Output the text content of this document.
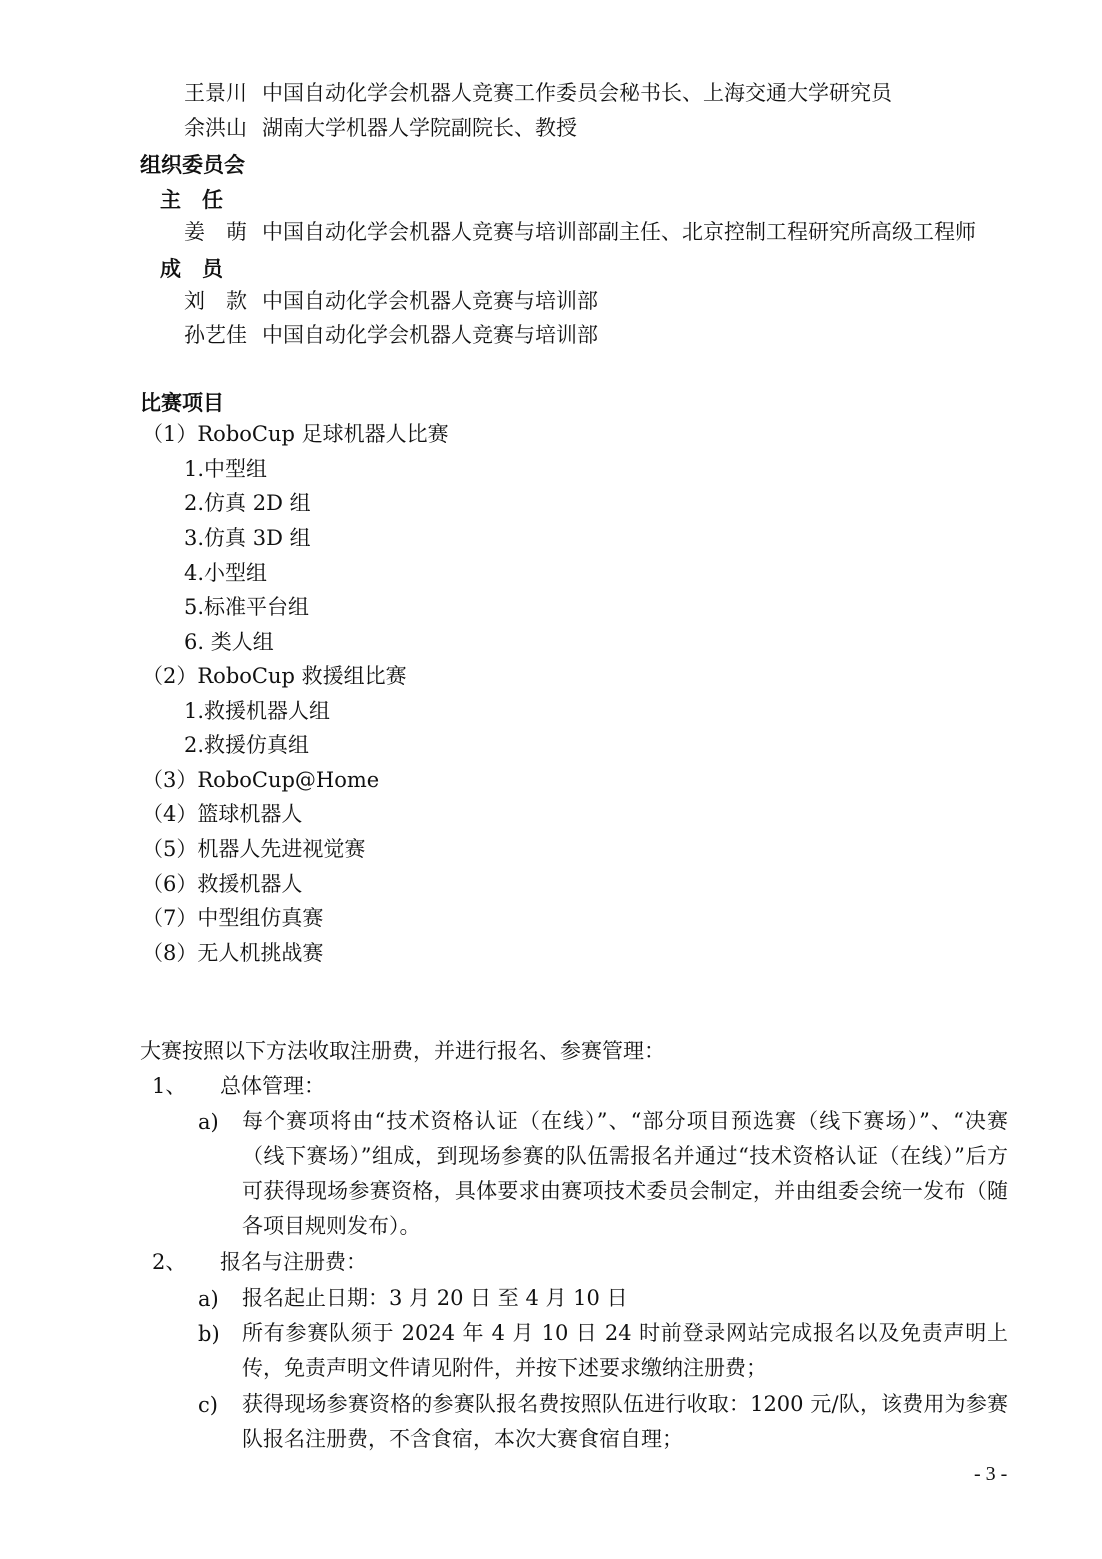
王景川 中国自动化学会机器人竞赛工作委员会秘书长、上海交通大学研究员
余洪山 湖南大学机器人学院副院长、教授
组织委员会
主　任
姜　萌 中国自动化学会机器人竞赛与培训部副主任、北京控制工程研究所高级工程师
成　员
刘　款 中国自动化学会机器人竞赛与培训部
孙艺佳 中国自动化学会机器人竞赛与培训部
比赛项目
（1）RoboCup 足球机器人比赛
1.中型组
2.仿真 2D 组
3.仿真 3D 组
4.小型组
5.标准平台组
6. 类人组
（2）RoboCup 救援组比赛
1.救援机器人组
2.救援仿真组
（3）RoboCup@Home
（4）篮球机器人
（5）机器人先进视觉赛
（6）救援机器人
（7）中型组仿真赛
（8）无人机挑战赛
大赛按照以下方法收取注册费，并进行报名、参赛管理：
1、 总体管理：
a) 每个赛项将由“技术资格认证（在线）”、“部分项目预选赛（线下赛场）”、“决赛（线下赛场）”组成，到现场参赛的队伍需报名并通过“技术资格认证（在线）”后方可获得现场参赛资格，具体要求由赛项技术委员会制定，并由组委会统一发布（随各项目规则发布）。
2、 报名与注册费：
a) 报名起止日期：3 月 20 日 至 4 月 10 日
b) 所有参赛队须于 2024 年 4 月 10 日 24 时前登录网站完成报名以及免责声明上传，免责声明文件请见附件，并按下述要求缴纳注册费；
c) 获得现场参赛资格的参赛队报名费按照队伍进行收取：1200 元/队，该费用为参赛队报名注册费，不含食宿，本次大赛食宿自理；
- 3 -
